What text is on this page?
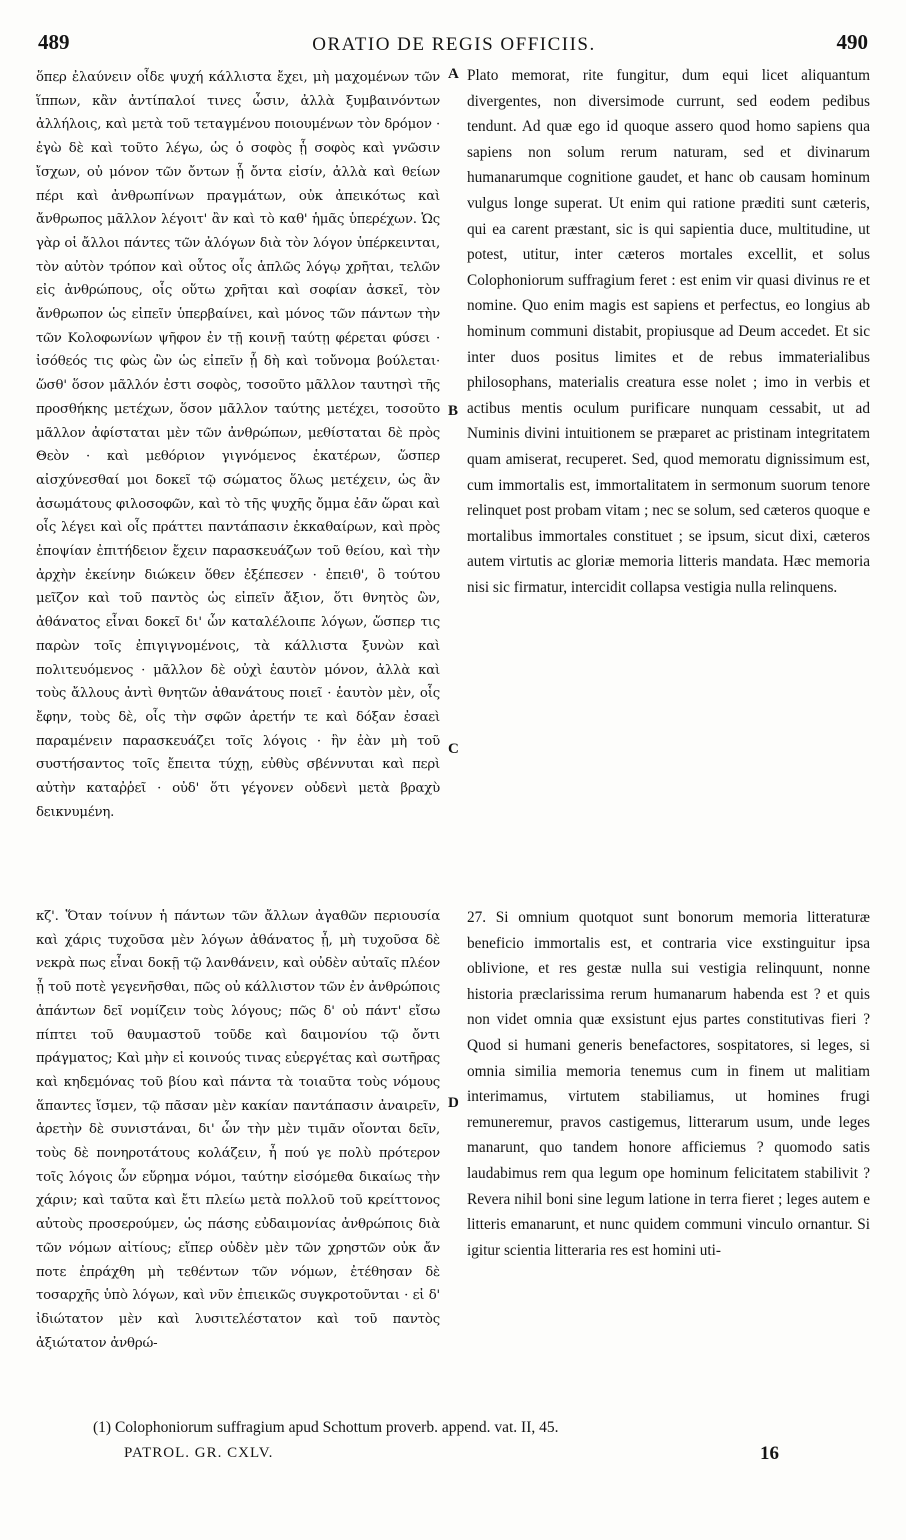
489	ORATIO DE REGIS OFFICIIS.	490

ὅπερ ἐλαύνειν οἶδε ψυχή κάλλιστα ἔχει, μὴ μαχομένων τῶν ἵππων, κἂν ἀντίπαλοί τινες ὦσιν, ἀλλὰ ξυμβαινόντων ἀλλήλοις, καὶ μετὰ τοῦ τεταγμένου ποιουμένων τὸν δρόμον · ἐγὼ δὲ καὶ τοῦτο λέγω, ὡς ὁ σοφὸς ᾗ σοφὸς καὶ γνῶσιν ἴσχων, οὐ μόνον τῶν ὄντων ᾗ ὄντα εἰσίν, ἀλλὰ καὶ θείων πέρι καὶ ἀνθρωπίνων πραγμάτων, οὐκ ἀπεικότως καὶ ἄνθρωπος μᾶλλον λέγοιτ' ἂν καὶ τὸ καθ' ἡμᾶς ὑπερέχων. Ὡς γὰρ οἱ ἄλλοι πάντες τῶν ἀλόγων διὰ τὸν λόγον ὑπέρκεινται, τὸν αὐτὸν τρόπον καὶ οὗτος οἷς ἁπλῶς λόγῳ χρῆται, τελῶν εἰς ἀνθρώπους, οἷς οὕτω χρῆται καὶ σοφίαν ἀσκεῖ, τὸν ἄνθρωπον ὡς εἰπεῖν ὑπερβαίνει, καὶ μόνος τῶν πάντων τὴν τῶν Κολοφωνίων ψῆφον ἐν τῇ κοινῇ ταύτῃ φέρεται φύσει · ἰσόθεός τις φὼς ὢν ὡς εἰπεῖν ᾗ δὴ καὶ τοὔνομα βούλεται· ὥσθ' ὅσον μᾶλλόν ἐστι σοφὸς, τοσοῦτο μᾶλλον ταυτησὶ τῆς προσθήκης μετέχων, ὅσον μᾶλλον ταύτης μετέχει, τοσοῦτο μᾶλλον ἀφίσταται μὲν τῶν ἀνθρώπων, μεθίσταται δὲ πρὸς Θεὸν · καὶ μεθόριον γιγνόμενος ἑκατέρων, ὥσπερ αἰσχύνεσθαί μοι δοκεῖ τῷ σώματος ὅλως μετέχειν, ὡς ἂν ἀσωμάτους φιλοσοφῶν, καὶ τὸ τῆς ψυχῆς ὄμμα ἐᾶν ὥραι καὶ οἷς λέγει καὶ οἷς πράττει παντάπασιν ἐκκαθαίρων, καὶ πρὸς ἐποψίαν ἐπιτήδειον ἔχειν παρασκευάζων τοῦ θείου, καὶ τὴν ἀρχὴν ἐκείνην διώκειν ὅθεν ἐξέπεσεν · ἐπειθ', ὃ τούτου μεῖζον καὶ τοῦ παντὸς ὡς εἰπεῖν ἄξιον, ὅτι θνητὸς ὢν, ἀθάνατος εἶναι δοκεῖ δι' ὧν καταλέλοιπε λόγων, ὥσπερ τις παρὼν τοῖς ἐπιγιγνομένοις, τὰ κάλλιστα ξυνὼν καὶ πολιτευόμενος · μᾶλλον δὲ οὐχὶ ἑαυτὸν μόνον, ἀλλὰ καὶ τοὺς ἄλλους ἀντὶ θνητῶν ἀθανάτους ποιεῖ · ἑαυτὸν μὲν, οἷς ἔφην, τοὺς δὲ, οἷς τὴν σφῶν ἀρετήν τε καὶ δόξαν ἐσαεὶ παραμένειν παρασκευάζει τοῖς λόγοις · ἣν ἐὰν μὴ τοῦ συστήσαντος τοῖς ἔπειτα τύχῃ, εὐθὺς σβέννυται καὶ περὶ αὐτὴν καταῤῥεῖ · οὐδ' ὅτι γέγονεν οὐδενὶ μετὰ βραχὺ δεικνυμένη.

κζ'. Ὅταν τοίνυν ἡ πάντων τῶν ἄλλων ἀγαθῶν περιουσία καὶ χάρις τυχοῦσα μὲν λόγων ἀθάνατος ᾖ, μὴ τυχοῦσα δὲ νεκρὰ πως εἶναι δοκῇ τῷ λανθάνειν, καὶ οὐδὲν αὐταῖς πλέον ᾖ τοῦ ποτὲ γεγενῆσθαι, πῶς οὐ κάλλιστον τῶν ἐν ἀνθρώποις ἁπάντων δεῖ νομίζειν τοὺς λόγους; πῶς δ' οὐ πάντ' εἴσω πίπτει τοῦ θαυμαστοῦ τοῦδε καὶ δαιμονίου τῷ ὄντι πράγματος; Καὶ μὴν εἰ κοινούς τινας εὐεργέτας καὶ σωτῆρας καὶ κηδεμόνας τοῦ βίου καὶ πάντα τὰ τοιαῦτα τοὺς νόμους ἅπαντες ἴσμεν, τῷ πᾶσαν μὲν κακίαν παντάπασιν ἀναιρεῖν, ἀρετὴν δὲ συνιστάναι, δι' ὧν τὴν μὲν τιμᾶν οἴονται δεῖν, τοὺς δὲ πονηροτάτους κολάζειν, ἦ πού γε πολὺ πρότερον τοῖς λόγοις ὧν εὕρημα νόμοι, ταύτην εἰσόμεθα δικαίως τὴν χάριν; καὶ ταῦτα καὶ ἔτι πλείω μετὰ πολλοῦ τοῦ κρείττονος αὐτοὺς προσερούμεν, ὡς πάσης εὐδαιμονίας ἀνθρώποις διὰ τῶν νόμων αἰτίους; εἴπερ οὐδὲν μὲν τῶν χρηστῶν οὐκ ἄν ποτε ἐπράχθη μὴ τεθέντων τῶν νόμων, ἐτέθησαν δὲ τοσαρχῆς ὑπὸ λόγων, καὶ νῦν ἐπιεικῶς συγκροτοῦνται · εἰ δ' ἰδιώτατον μὲν καὶ λυσιτελέστατον καὶ τοῦ παντὸς ἀξιώτατον ἀνθρώ-

Plato memorat, rite fungitur, dum equi licet aliquantum divergentes, non diversimode currunt, sed eodem pedibus tendunt. Ad quæ ego id quoque assero quod homo sapiens qua sapiens non solum rerum naturam, sed et divinarum humanarumque cognitione gaudet, et hanc ob causam hominum vulgus longe superat. Ut enim qui ratione præditi sunt cæteris, qui ea carent præstant, sic is qui sapientia duce, multitudine, ut potest, utitur, inter cæteros mortales excellit, et solus Colophoniorum suffragium feret : est enim vir quasi divinus re et nomine. Quo enim magis est sapiens et perfectus, eo longius ab hominum communi distabit, propiusque ad Deum accedet. Et sic inter duos positus limites et de rebus immaterialibus philosophans, materialis creatura esse nolet ; imo in verbis et actibus mentis oculum purificare nunquam cessabit, ut ad Numinis divini intuitionem se præparet ac pristinam integritatem quam amiserat, recuperet. Sed, quod memoratu dignissimum est, cum immortalis est, immortalitatem in sermonum suorum tenore relinquet post probam vitam ; nec se solum, sed cæteros quoque e mortalibus immortales constituet ; se ipsum, sicut dixi, cæteros autem virtutis ac gloriæ memoria litteris mandata. Hæc memoria nisi sic firmatur, intercidit collapsa vestigia nulla relinquens.

27. Si omnium quotquot sunt bonorum memoria litteraturæ beneficio immortalis est, et contraria vice exstinguitur ipsa oblivione, et res gestæ nulla sui vestigia relinquunt, nonne historia præclarissima rerum humanarum habenda est ? et quis non videt omnia quæ exsistunt ejus partes constitutivas fieri ? Quod si humani generis benefactores, sospitatores, si leges, si omnia similia memoria tenemus cum in finem ut malitiam interimamus, virtutem stabiliamus, ut homines frugi remuneremur, pravos castigemus, litterarum usum, unde leges manarunt, quo tandem honore afficiemus ? quomodo satis laudabimus rem qua legum ope hominum felicitatem stabilivit ? Revera nihil boni sine legum latione in terra fieret ; leges autem e litteris emanarunt, et nunc quidem communi vinculo ornantur. Si igitur scientia litteraria res est homini uti-

A
B
C
D
(1) Colophoniorum suffragium apud Schottum proverb. append. vat. II, 45.
PATROL. GR. CXLV.	16
